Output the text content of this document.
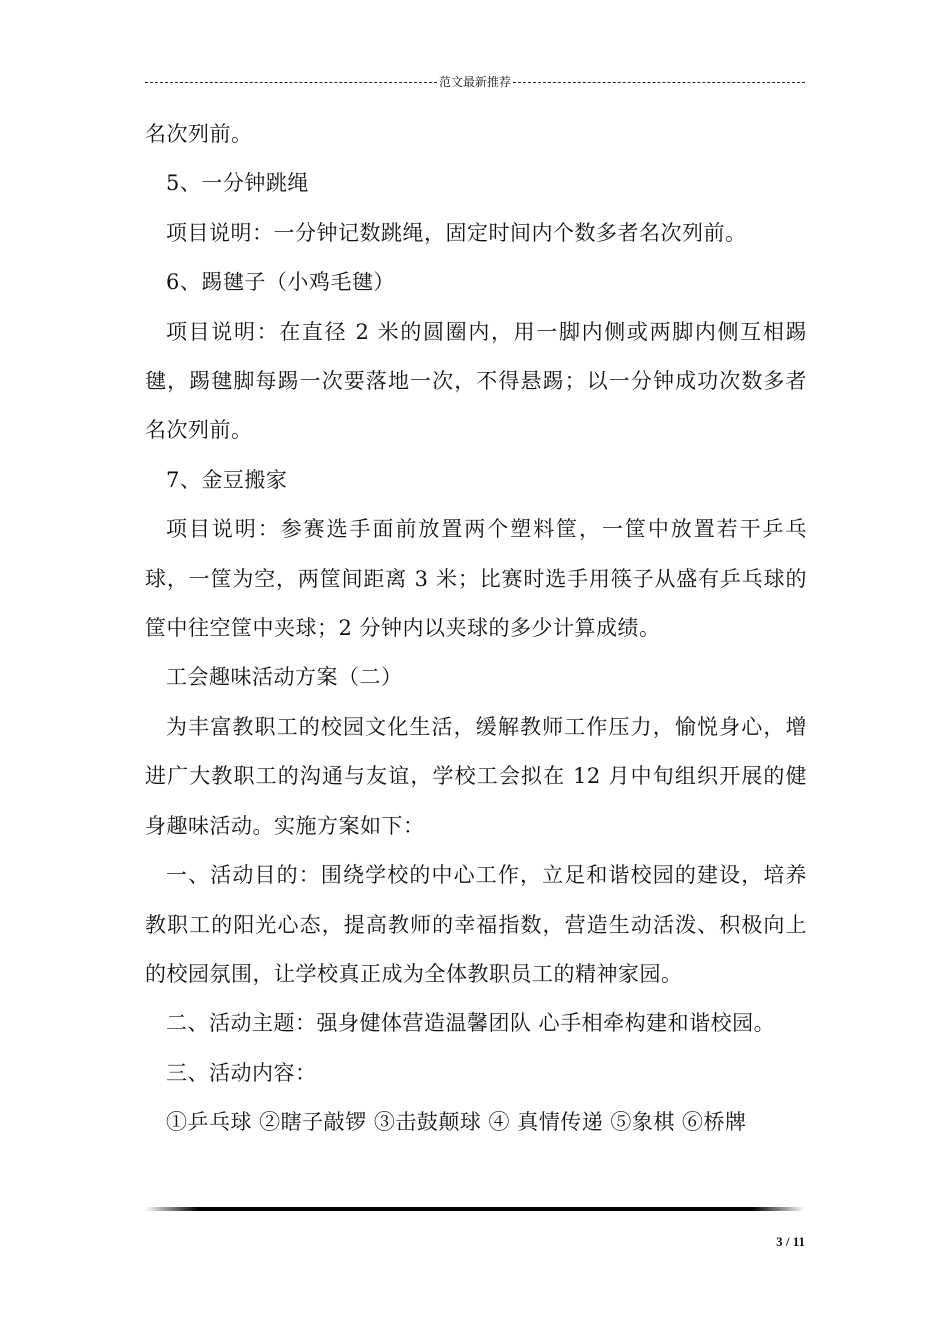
范文最新推荐

名次列前。

5、一分钟跳绳

项目说明：一分钟记数跳绳，固定时间内个数多者名次列前。

6、踢毽子（小鸡毛毽）

项目说明：在直径 2 米的圆圈内，用一脚内侧或两脚内侧互相踢毽，踢毽脚每踢一次要落地一次，不得悬踢；以一分钟成功次数多者名次列前。

7、金豆搬家

项目说明：参赛选手面前放置两个塑料筐，一筐中放置若干乒乓球，一筐为空，两筐间距离 3 米；比赛时选手用筷子从盛有乒乓球的筐中往空筐中夹球；2 分钟内以夹球的多少计算成绩。

工会趣味活动方案（二）

为丰富教职工的校园文化生活，缓解教师工作压力，愉悦身心，增进广大教职工的沟通与友谊，学校工会拟在 12 月中旬组织开展的健身趣味活动。实施方案如下：

一、活动目的：围绕学校的中心工作，立足和谐校园的建设，培养教职工的阳光心态，提高教师的幸福指数，营造生动活泼、积极向上的校园氛围，让学校真正成为全体教职员工的精神家园。

二、活动主题：强身健体营造温馨团队 心手相牵构建和谐校园。

三、活动内容：

①乒乓球 ②瞎子敲锣 ③击鼓颠球 ④ 真情传递 ⑤象棋 ⑥桥牌

3 / 11
